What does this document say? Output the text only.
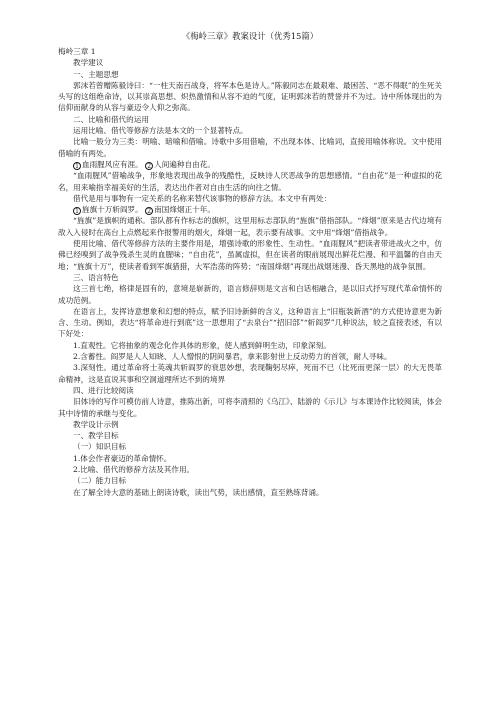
《梅岭三章》教案设计（优秀15篇）

梅岭三章 1

教学建议

一、主题思想

郭沫若曾赠陈毅诗曰：“一柱天南百战身，将军本色是诗人。”陈毅同志在最艰难、最困苦、“恶不得眠”的生死关头写的这组绝命诗，以其崇高思想、炽热激情和从容不迫的气度，证明郭沫若的赞誉并不为过。诗中所体现出的为信仰而献身的从容与豪迈令人仰之弥高。

二、比喻和借代的运用

运用比喻、借代等修辞方法是本文的一个显著特点。

比喻一般分为三类：明喻、暗喻和借喻。诗歌中多用借喻，不出现本体、比喻词，直接用喻体称说。文中使用借喻的有两处。

1 血雨腥风应有涯。 2 人间遍种自由花。

“血雨腥风”借喻战争，形象地表现出战争的残酷性，反映诗人厌恶战争的思想感情。“自由花”是一种虚拟的花名，用来喻指幸福美好的生活，表达出作者对自由生活的向往之情。

借代是用与事物有一定关系的名称来替代该事物的修辞方法。本文中有两处：

1 旌旗十万斩阎罗。 2 南国烽烟正十年。

“旌旗”是旗帜的通称。部队都有作标志的旗帜，这里用标志部队的“旌旗”借指部队。“烽烟”原来是古代边境有敌入入侵时在高台上点燃起来作报警用的烟火，烽烟一起，表示要有战事。文中用“烽烟”借指战争。

使用比喻、借代等修辞方法的主要作用是，增强诗歌的形象性、生动性。“血雨腥风”把读者带进战火之中，仿佛已经嗅到了战争残杀生灵的血腥味；“自由花”，虽属虚拟，但在读者的眼前展现出鲜花烂漫、和平温馨的自由天地；“旌旗十万”，使读者看到军旗猎猎，大军浩荡的阵势；“南国烽烟”再现出战烟迷漫、昏天黑地的战争氛围。

三、语言特色

这三首七绝，格律是固有的，意境是崭新的，语言修辞则是文言和白话相融合，是以旧式抒写现代革命情怀的成功范例。

在语言上，发挥诗意想象和幻想的特点，赋予旧诗新鲜的含义，这种语言上“旧瓶装新酒”的方式使诗意更为新含、生动。例如，表达“将革命进行到底”这一思想用了“去泉台”“招旧部”“斩阎罗”几种说法，较之直接表述，有以下好处：

1.直观性。它将抽象的观念化作具体的形象，使人感到鲜明生动，印象深刻。

2.含蓄性。阎罗是人人知晓、人人憎恨的阴间暴君，拿来影射世上反动势力的首领，耐人寻味。

3.深刻性。通过革命将士英魂共斩阎罗的衰思妙想，表现鞠躬尽瘁，死而不已（比死而更深一层）的大无畏革命精神，这是直说其事和空洞道理所达不到的境界

四、进行比较阅读

旧体诗的写作可模仿前人诗意，推陈出新，可将李清照的《乌江》、陆游的《示儿》与本课诗作比较阅读，体会其中诗情的承继与变化。

教学设计示例

一、教学目标

（一）知识目标

1.体会作者豪迈的革命情怀。

2.比喻、借代的修辞方法及其作用。

（二）能力目标

在了解全诗大意的基础上朗读诗歌，读出气势，读出感情，直至熟练背诵。
